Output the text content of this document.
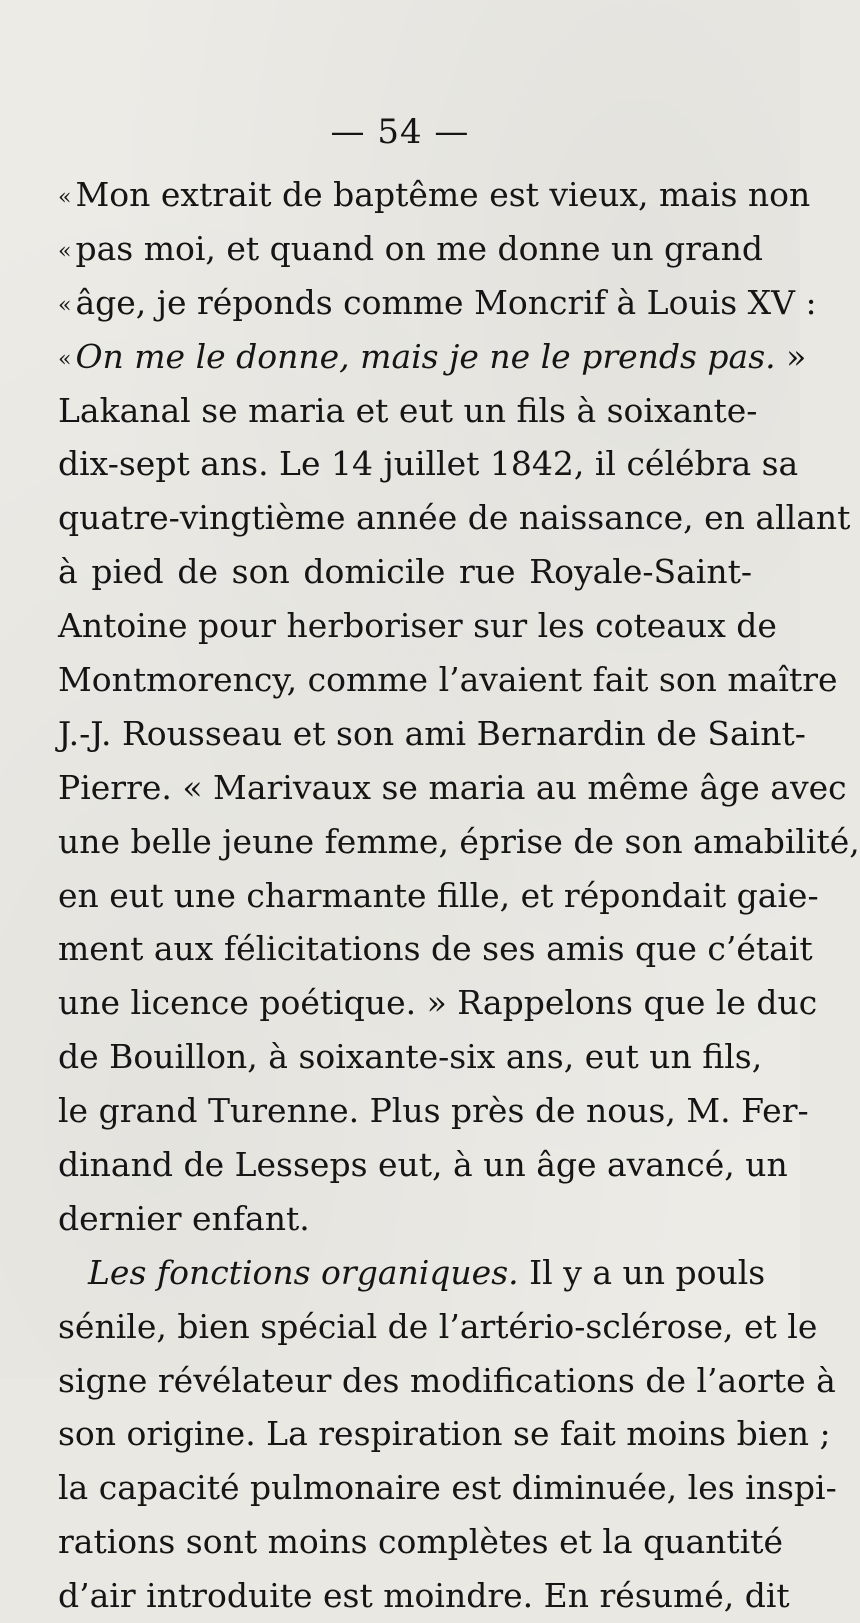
— 54 —
« Mon extrait de baptême est vieux, mais non
« pas moi, et quand on me donne un grand
« âge, je réponds comme Moncrif à Louis XV :
« On me le donne, mais je ne le prends pas. »
Lakanal se maria et eut un fils à soixante-
dix-sept ans. Le 14 juillet 1842, il célébra sa
quatre-vingtième année de naissance, en allant
à pied de son domicile rue Royale-Saint-
Antoine pour herboriser sur les coteaux de
Montmorency, comme l’avaient fait son maître
J.-J. Rousseau et son ami Bernardin de Saint-
Pierre. « Marivaux se maria au même âge avec
une belle jeune femme, éprise de son amabilité,
en eut une charmante fille, et répondait gaie-
ment aux félicitations de ses amis que c’était
une licence poétique. » Rappelons que le duc
de Bouillon, à soixante-six ans, eut un fils,
le grand Turenne. Plus près de nous, M. Fer-
dinand de Lesseps eut, à un âge avancé, un
dernier enfant.
Les fonctions organiques. Il y a un pouls
sénile, bien spécial de l’artério-sclérose, et le
signe révélateur des modifications de l’aorte à
son origine. La respiration se fait moins bien ;
la capacité pulmonaire est diminuée, les inspi-
rations sont moins complètes et la quantité
d’air introduite est moindre. En résumé, dit
